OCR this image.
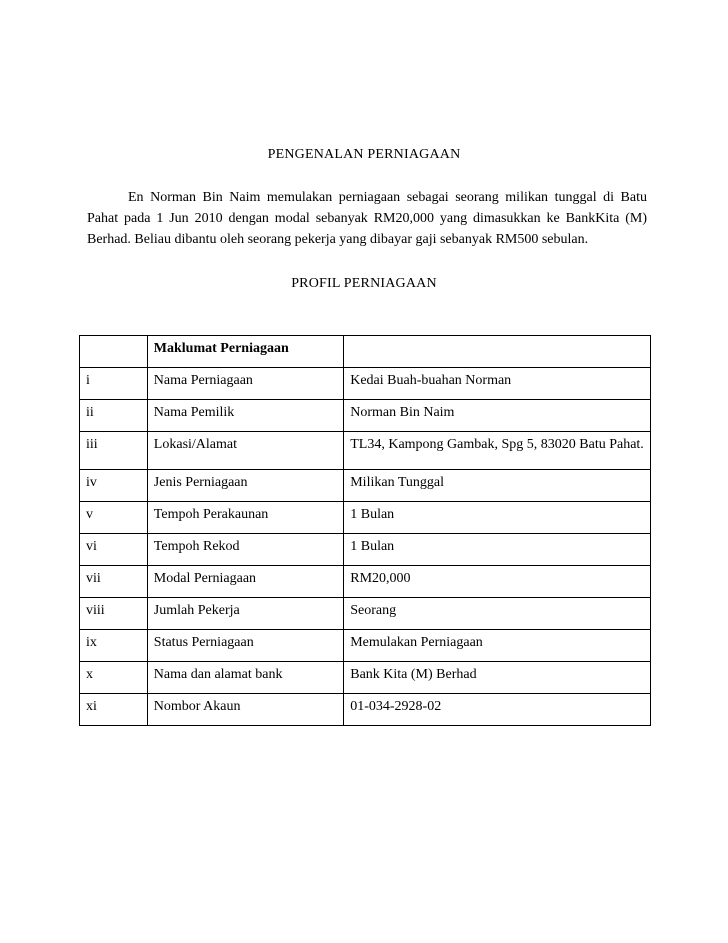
PENGENALAN PERNIAGAAN

En Norman Bin Naim memulakan perniagaan sebagai seorang milikan tunggal di Batu Pahat pada 1 Jun 2010 dengan modal sebanyak RM20,000 yang dimasukkan ke BankKita (M) Berhad. Beliau dibantu oleh seorang pekerja yang dibayar gaji sebanyak RM500 sebulan.

PROFIL PERNIAGAAN
	Maklumat Perniagaan	
i	Nama Perniagaan	Kedai Buah-buahan Norman
ii	Nama Pemilik	Norman Bin Naim
iii	Lokasi/Alamat	TL34, Kampong Gambak, Spg 5, 83020 Batu Pahat.
iv	Jenis Perniagaan	Milikan Tunggal
v	Tempoh Perakaunan	1 Bulan
vi	Tempoh Rekod	1 Bulan
vii	Modal Perniagaan	RM20,000
viii	Jumlah Pekerja	Seorang
ix	Status Perniagaan	Memulakan Perniagaan
x	Nama dan alamat bank	Bank Kita (M) Berhad
xi	Nombor Akaun	01-034-2928-02
